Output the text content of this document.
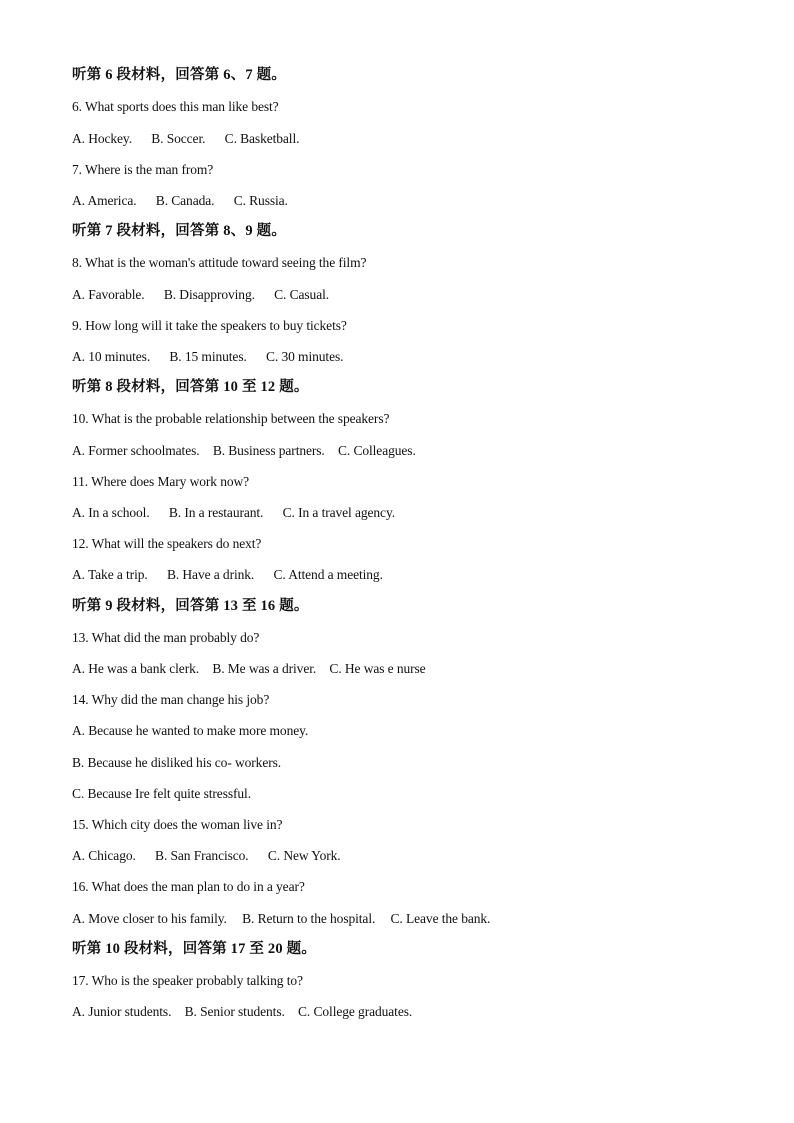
听第 6 段材料，回答第 6、7 题。
6. What sports does this man like best?
A. Hockey. B. Soccer. C. Basketball.
7. Where is the man from?
A. America. B. Canada. C. Russia.
听第 7 段材料，回答第 8、9 题。
8. What is the woman's attitude toward seeing the film?
A. Favorable. B. Disapproving. C. Casual.
9. How long will it take the speakers to buy tickets?
A. 10 minutes. B. 15 minutes. C. 30 minutes.
听第 8 段材料，回答第 10 至 12 题。
10. What is the probable relationship between the speakers?
A. Former schoolmates. B. Business partners. C. Colleagues.
11. Where does Mary work now?
A. In a school. B. In a restaurant. C. In a travel agency.
12. What will the speakers do next?
A. Take a trip. B. Have a drink. C. Attend a meeting.
听第 9 段材料，回答第 13 至 16 题。
13. What did the man probably do?
A. He was a bank clerk. B. Me was a driver. C. He was e nurse
14. Why did the man change his job?
A. Because he wanted to make more money.
B. Because he disliked his co- workers.
C. Because Ire felt quite stressful.
15. Which city does the woman live in?
A. Chicago. B. San Francisco. C. New York.
16. What does the man plan to do in a year?
A. Move closer to his family. B. Return to the hospital. C. Leave the bank.
听第 10 段材料，回答第 17 至 20 题。
17. Who is the speaker probably talking to?
A. Junior students. B. Senior students. C. College graduates.
